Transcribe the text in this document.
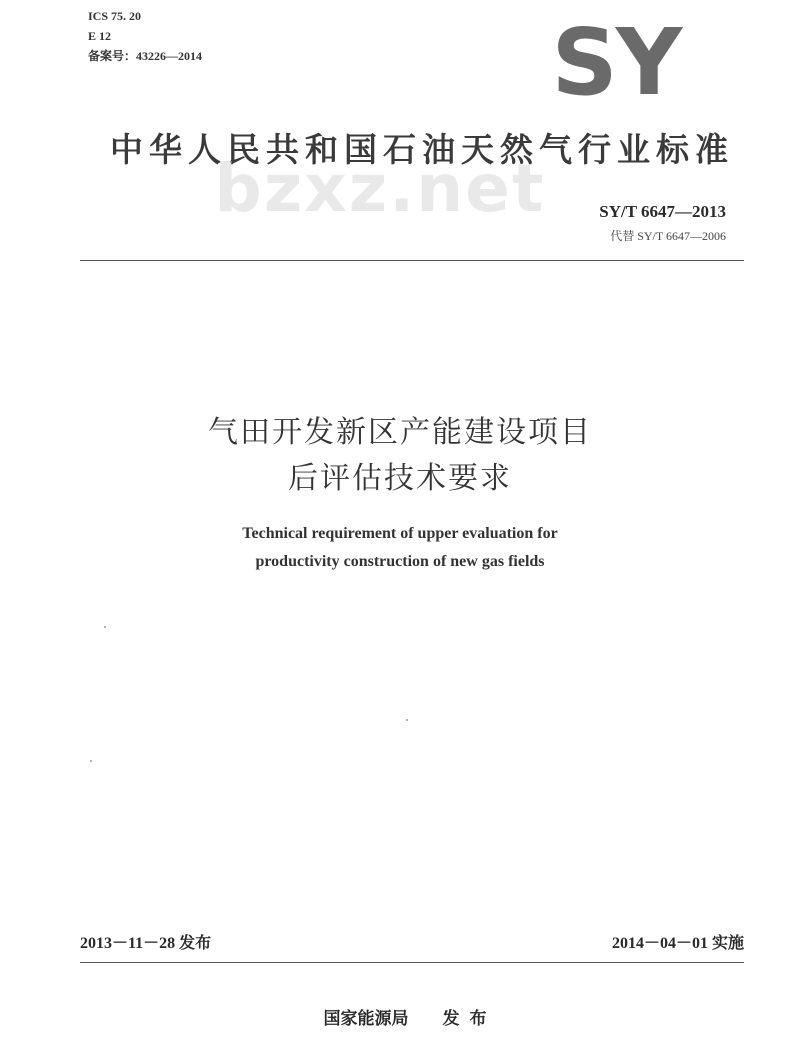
ICS 75. 20
E 12
备案号：43226—2014	SY
中华人民共和国石油天然气行业标准
bzxz.net	SY/T 6647—2013
代替 SY/T 6647—2006
气田开发新区产能建设项目
后评估技术要求
Technical requirement of upper evaluation for
productivity construction of new gas fields
2013－11－28 发布	2014－04－01 实施
国家能源局 发布
